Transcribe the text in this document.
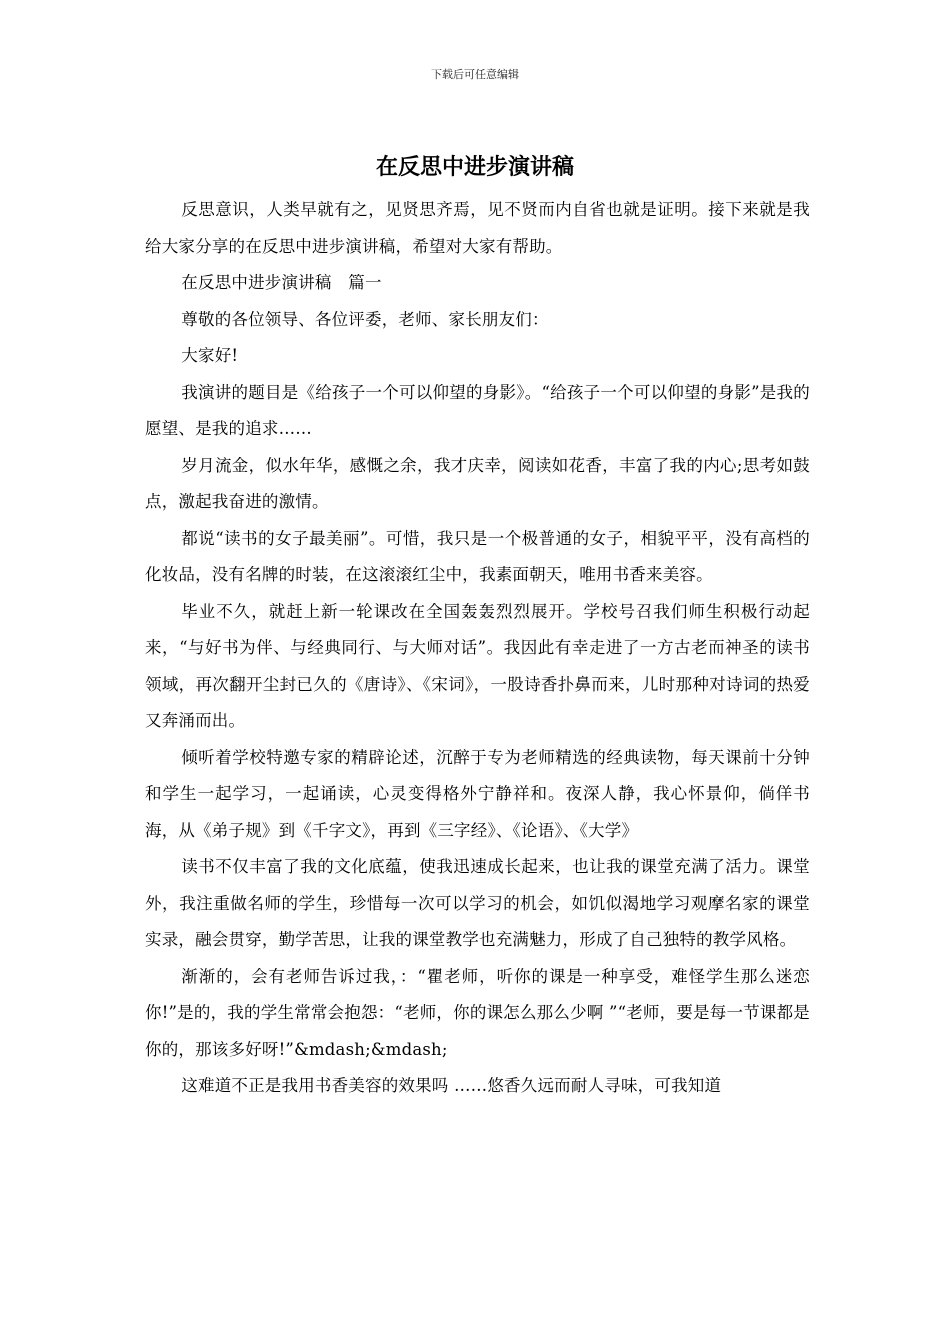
下载后可任意编辑
在反思中进步演讲稿

反思意识，人类早就有之，见贤思齐焉，见不贤而内自省也就是证明。接下来就是我给大家分享的在反思中进步演讲稿，希望对大家有帮助。

在反思中进步演讲稿　篇一

尊敬的各位领导、各位评委，老师、家长朋友们：

大家好!

我演讲的题目是《给孩子一个可以仰望的身影》。“给孩子一个可以仰望的身影”是我的愿望、是我的追求……

岁月流金，似水年华，感慨之余，我才庆幸，阅读如花香，丰富了我的内心;思考如鼓点，激起我奋进的激情。

都说“读书的女子最美丽”。可惜，我只是一个极普通的女子，相貌平平，没有高档的化妆品，没有名牌的时装，在这滚滚红尘中，我素面朝天，唯用书香来美容。

毕业不久，就赶上新一轮课改在全国轰轰烈烈展开。学校号召我们师生积极行动起来，“与好书为伴、与经典同行、与大师对话”。我因此有幸走进了一方古老而神圣的读书领域，再次翻开尘封已久的《唐诗》、《宋词》，一股诗香扑鼻而来，儿时那种对诗词的热爱又奔涌而出。

倾听着学校特邀专家的精辟论述，沉醉于专为老师精选的经典读物，每天课前十分钟和学生一起学习，一起诵读，心灵变得格外宁静祥和。夜深人静，我心怀景仰，倘佯书海，从《弟子规》到《千字文》，再到《三字经》、《论语》、《大学》

读书不仅丰富了我的文化底蕴，使我迅速成长起来，也让我的课堂充满了活力。课堂外，我注重做名师的学生，珍惜每一次可以学习的机会，如饥似渴地学习观摩名家的课堂实录，融会贯穿，勤学苦思，让我的课堂教学也充满魅力，形成了自己独特的教学风格。

渐渐的，会有老师告诉过我，：“瞿老师，听你的课是一种享受，难怪学生那么迷恋你!”是的，我的学生常常会抱怨：“老师，你的课怎么那么少啊 ”“老师，要是每一节课都是你的，那该多好呀!”&mdash;&mdash;

这难道不正是我用书香美容的效果吗 ……悠香久远而耐人寻味，可我知道
